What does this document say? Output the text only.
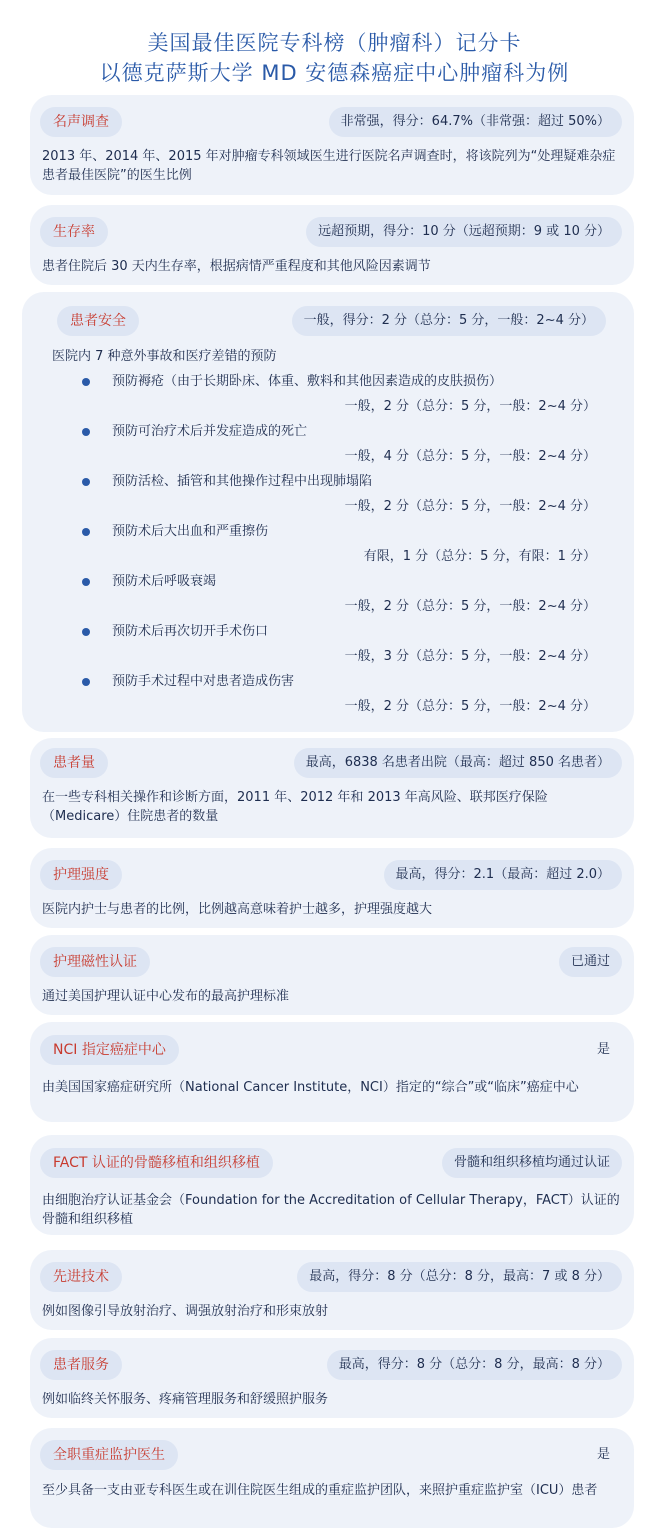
美国最佳医院专科榜（肿瘤科）记分卡
以德克萨斯大学 MD 安德森癌症中心肿瘤科为例
名声调查	非常强，得分：64.7%（非常强：超过 50%）
2013 年、2014 年、2015 年对肿瘤专科领域医生进行医院名声调查时，将该院列为“处理疑难杂症患者最佳医院”的医生比例
生存率	远超预期，得分：10 分（远超预期：9 或 10 分）
患者住院后 30 天内生存率，根据病情严重程度和其他风险因素调节
患者安全	一般，得分：2 分（总分：5 分，一般：2~4 分）
医院内 7 种意外事故和医疗差错的预防
预防褥疮（由于长期卧床、体重、敷料和其他因素造成的皮肤损伤）
一般，2 分（总分：5 分，一般：2~4 分）
预防可治疗术后并发症造成的死亡
一般，4 分（总分：5 分，一般：2~4 分）
预防活检、插管和其他操作过程中出现肺塌陷
一般，2 分（总分：5 分，一般：2~4 分）
预防术后大出血和严重擦伤
有限，1 分（总分：5 分，有限：1 分）
预防术后呼吸衰竭
一般，2 分（总分：5 分，一般：2~4 分）
预防术后再次切开手术伤口
一般，3 分（总分：5 分，一般：2~4 分）
预防手术过程中对患者造成伤害
一般，2 分（总分：5 分，一般：2~4 分）
患者量	最高，6838 名患者出院（最高：超过 850 名患者）
在一些专科相关操作和诊断方面，2011 年、2012 年和 2013 年高风险、联邦医疗保险（Medicare）住院患者的数量
护理强度	最高，得分：2.1（最高：超过 2.0）
医院内护士与患者的比例，比例越高意味着护士越多，护理强度越大
护理磁性认证	已通过
通过美国护理认证中心发布的最高护理标准
NCI 指定癌症中心	是
由美国国家癌症研究所（National Cancer Institute，NCI）指定的“综合”或“临床”癌症中心
FACT 认证的骨髓移植和组织移植	骨髓和组织移植均通过认证
由细胞治疗认证基金会（Foundation for the Accreditation of Cellular Therapy，FACT）认证的骨髓和组织移植
先进技术	最高，得分：8 分（总分：8 分，最高：7 或 8 分）
例如图像引导放射治疗、调强放射治疗和形束放射
患者服务	最高，得分：8 分（总分：8 分，最高：8 分）
例如临终关怀服务、疼痛管理服务和舒缓照护服务
全职重症监护医生	是
至少具备一支由亚专科医生或在训住院医生组成的重症监护团队，来照护重症监护室（ICU）患者
